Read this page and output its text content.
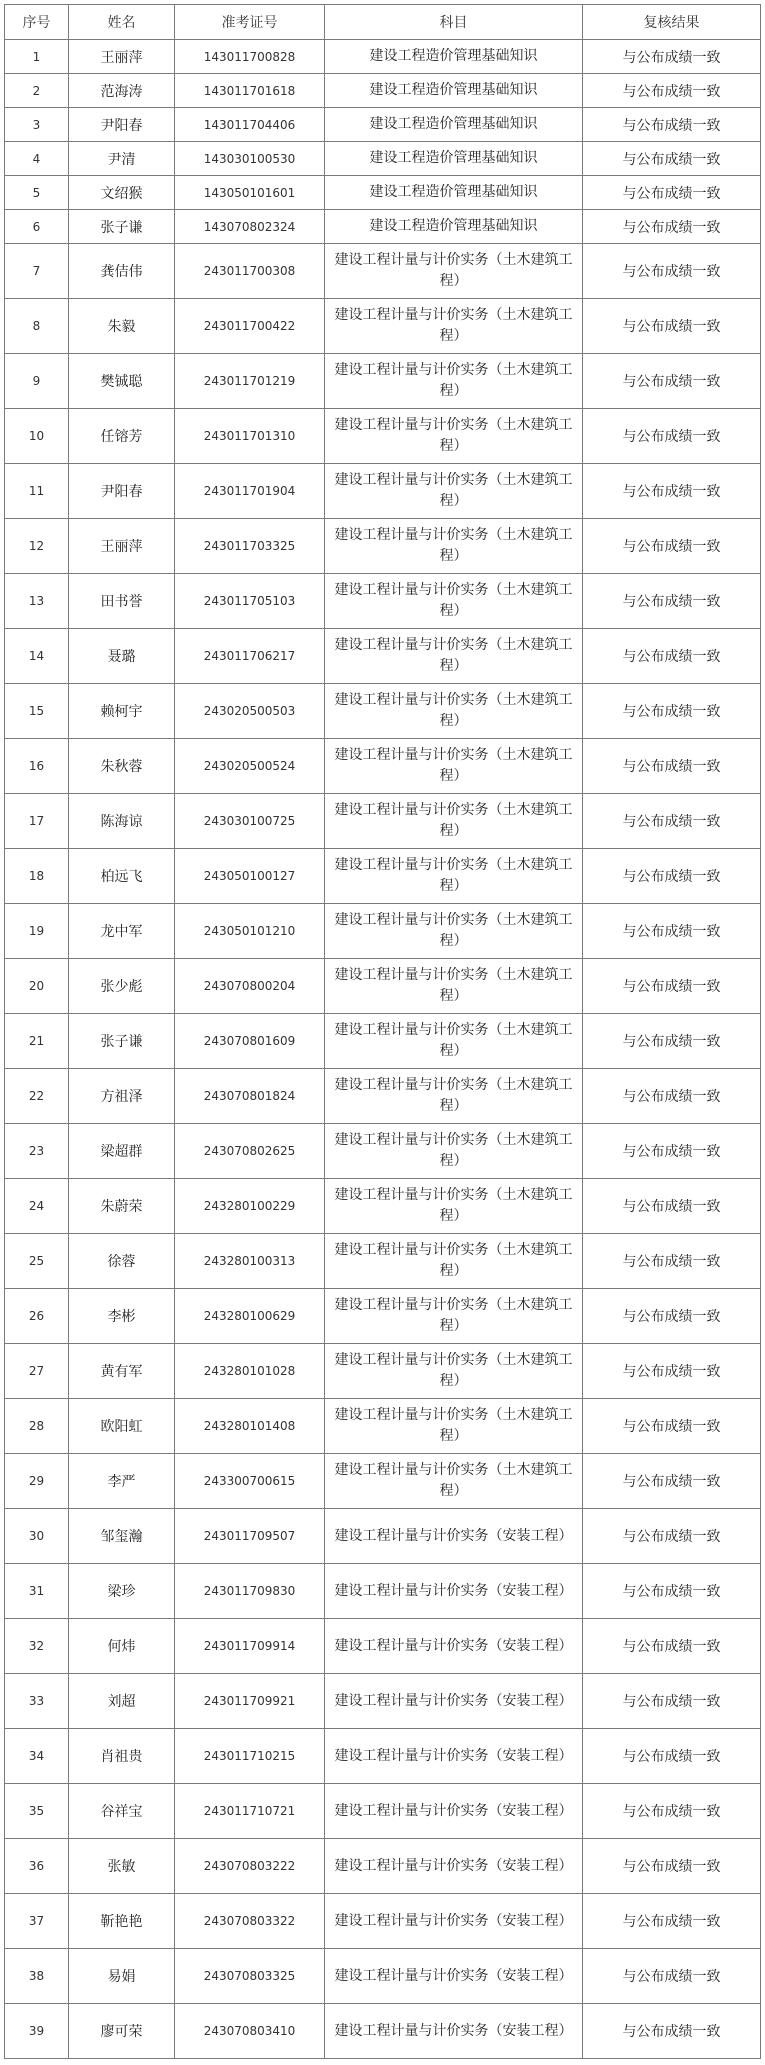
序号	姓名	准考证号	科目	复核结果
1	王丽萍	143011700828	建设工程造价管理基础知识	与公布成绩一致
2	范海涛	143011701618	建设工程造价管理基础知识	与公布成绩一致
3	尹阳春	143011704406	建设工程造价管理基础知识	与公布成绩一致
4	尹清	143030100530	建设工程造价管理基础知识	与公布成绩一致
5	文绍猴	143050101601	建设工程造价管理基础知识	与公布成绩一致
6	张子谦	143070802324	建设工程造价管理基础知识	与公布成绩一致
7	龚佶伟	243011700308	建设工程计量与计价实务（土木建筑工程）	与公布成绩一致
8	朱毅	243011700422	建设工程计量与计价实务（土木建筑工程）	与公布成绩一致
9	樊铖聪	243011701219	建设工程计量与计价实务（土木建筑工程）	与公布成绩一致
10	任镕芳	243011701310	建设工程计量与计价实务（土木建筑工程）	与公布成绩一致
11	尹阳春	243011701904	建设工程计量与计价实务（土木建筑工程）	与公布成绩一致
12	王丽萍	243011703325	建设工程计量与计价实务（土木建筑工程）	与公布成绩一致
13	田书誉	243011705103	建设工程计量与计价实务（土木建筑工程）	与公布成绩一致
14	聂璐	243011706217	建设工程计量与计价实务（土木建筑工程）	与公布成绩一致
15	赖柯宇	243020500503	建设工程计量与计价实务（土木建筑工程）	与公布成绩一致
16	朱秋蓉	243020500524	建设工程计量与计价实务（土木建筑工程）	与公布成绩一致
17	陈海谅	243030100725	建设工程计量与计价实务（土木建筑工程）	与公布成绩一致
18	柏远飞	243050100127	建设工程计量与计价实务（土木建筑工程）	与公布成绩一致
19	龙中军	243050101210	建设工程计量与计价实务（土木建筑工程）	与公布成绩一致
20	张少彪	243070800204	建设工程计量与计价实务（土木建筑工程）	与公布成绩一致
21	张子谦	243070801609	建设工程计量与计价实务（土木建筑工程）	与公布成绩一致
22	方祖泽	243070801824	建设工程计量与计价实务（土木建筑工程）	与公布成绩一致
23	梁超群	243070802625	建设工程计量与计价实务（土木建筑工程）	与公布成绩一致
24	朱蔚荣	243280100229	建设工程计量与计价实务（土木建筑工程）	与公布成绩一致
25	徐蓉	243280100313	建设工程计量与计价实务（土木建筑工程）	与公布成绩一致
26	李彬	243280100629	建设工程计量与计价实务（土木建筑工程）	与公布成绩一致
27	黄有军	243280101028	建设工程计量与计价实务（土木建筑工程）	与公布成绩一致
28	欧阳虹	243280101408	建设工程计量与计价实务（土木建筑工程）	与公布成绩一致
29	李严	243300700615	建设工程计量与计价实务（土木建筑工程）	与公布成绩一致
30	邹玺瀚	243011709507	建设工程计量与计价实务（安装工程）	与公布成绩一致
31	梁珍	243011709830	建设工程计量与计价实务（安装工程）	与公布成绩一致
32	何炜	243011709914	建设工程计量与计价实务（安装工程）	与公布成绩一致
33	刘超	243011709921	建设工程计量与计价实务（安装工程）	与公布成绩一致
34	肖祖贵	243011710215	建设工程计量与计价实务（安装工程）	与公布成绩一致
35	谷祥宝	243011710721	建设工程计量与计价实务（安装工程）	与公布成绩一致
36	张敏	243070803222	建设工程计量与计价实务（安装工程）	与公布成绩一致
37	靳艳艳	243070803322	建设工程计量与计价实务（安装工程）	与公布成绩一致
38	易娟	243070803325	建设工程计量与计价实务（安装工程）	与公布成绩一致
39	廖可荣	243070803410	建设工程计量与计价实务（安装工程）	与公布成绩一致
